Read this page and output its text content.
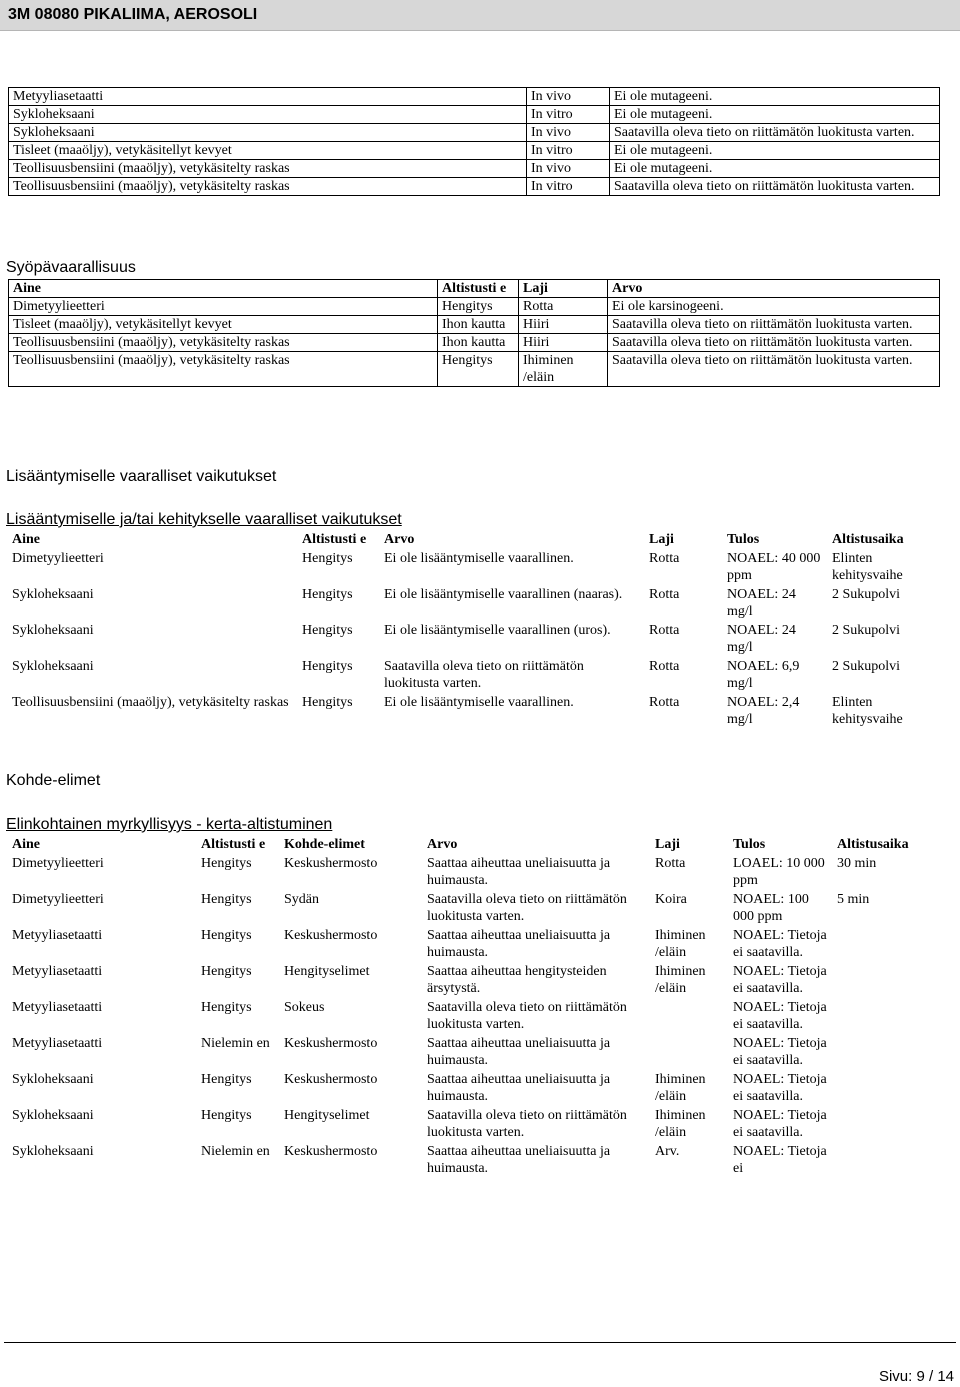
3M 08080 PIKALIIMA, AEROSOLI
Metyyliasetaatti	In vivo	Ei ole mutageeni.
Sykloheksaani	In vitro	Ei ole mutageeni.
Sykloheksaani	In vivo	Saatavilla oleva tieto on riittämätön luokitusta varten.
Tisleet (maaöljy), vetykäsitellyt kevyet	In vitro	Ei ole mutageeni.
Teollisuusbensiini (maaöljy), vetykäsitelty raskas	In vivo	Ei ole mutageeni.
Teollisuusbensiini (maaöljy), vetykäsitelty raskas	In vitro	Saatavilla oleva tieto on riittämätön luokitusta varten.
Syöpävaarallisuus
Aine	Altistusti e	Laji	Arvo
Dimetyylieetteri	Hengitys	Rotta	Ei ole karsinogeeni.
Tisleet (maaöljy), vetykäsitellyt kevyet	Ihon kautta	Hiiri	Saatavilla oleva tieto on riittämätön luokitusta varten.
Teollisuusbensiini (maaöljy), vetykäsitelty raskas	Ihon kautta	Hiiri	Saatavilla oleva tieto on riittämätön luokitusta varten.
Teollisuusbensiini (maaöljy), vetykäsitelty raskas	Hengitys	Ihiminen /eläin	Saatavilla oleva tieto on riittämätön luokitusta varten.
Lisääntymiselle vaaralliset vaikutukset
Lisääntymiselle ja/tai kehitykselle vaaralliset vaikutukset
Aine	Altistusti e	Arvo	Laji	Tulos	Altistusaika
Dimetyylieetteri	Hengitys	Ei ole lisääntymiselle vaarallinen.	Rotta	NOAEL: 40 000 ppm	Elinten kehitysvaihe
Sykloheksaani	Hengitys	Ei ole lisääntymiselle vaarallinen (naaras).	Rotta	NOAEL: 24 mg/l	2 Sukupolvi
Sykloheksaani	Hengitys	Ei ole lisääntymiselle vaarallinen (uros).	Rotta	NOAEL: 24 mg/l	2 Sukupolvi
Sykloheksaani	Hengitys	Saatavilla oleva tieto on riittämätön luokitusta varten.	Rotta	NOAEL: 6,9 mg/l	2 Sukupolvi
Teollisuusbensiini (maaöljy), vetykäsitelty raskas	Hengitys	Ei ole lisääntymiselle vaarallinen.	Rotta	NOAEL: 2,4 mg/l	Elinten kehitysvaihe
Kohde-elimet
Elinkohtainen myrkyllisyys - kerta-altistuminen
Aine	Altistusti e	Kohde-elimet	Arvo	Laji	Tulos	Altistusaika
Dimetyylieetteri	Hengitys	Keskushermosto	Saattaa aiheuttaa uneliaisuutta ja huimausta.	Rotta	LOAEL: 10 000 ppm	30 min
Dimetyylieetteri	Hengitys	Sydän	Saatavilla oleva tieto on riittämätön luokitusta varten.	Koira	NOAEL: 100 000 ppm	5 min
Metyyliasetaatti	Hengitys	Keskushermosto	Saattaa aiheuttaa uneliaisuutta ja huimausta.	Ihiminen /eläin	NOAEL: Tietoja ei saatavilla.	
Metyyliasetaatti	Hengitys	Hengityselimet	Saattaa aiheuttaa hengitysteiden ärsytystä.	Ihiminen /eläin	NOAEL: Tietoja ei saatavilla.	
Metyyliasetaatti	Hengitys	Sokeus	Saatavilla oleva tieto on riittämätön luokitusta varten.		NOAEL: Tietoja ei saatavilla.	
Metyyliasetaatti	Nielemin en	Keskushermosto	Saattaa aiheuttaa uneliaisuutta ja huimausta.		NOAEL: Tietoja ei saatavilla.	
Sykloheksaani	Hengitys	Keskushermosto	Saattaa aiheuttaa uneliaisuutta ja huimausta.	Ihiminen /eläin	NOAEL: Tietoja ei saatavilla.	
Sykloheksaani	Hengitys	Hengityselimet	Saatavilla oleva tieto on riittämätön luokitusta varten.	Ihiminen /eläin	NOAEL: Tietoja ei saatavilla.	
Sykloheksaani	Nielemin en	Keskushermosto	Saattaa aiheuttaa uneliaisuutta ja huimausta.	Arv.	NOAEL: Tietoja ei	
Sivu: 9 / 14
